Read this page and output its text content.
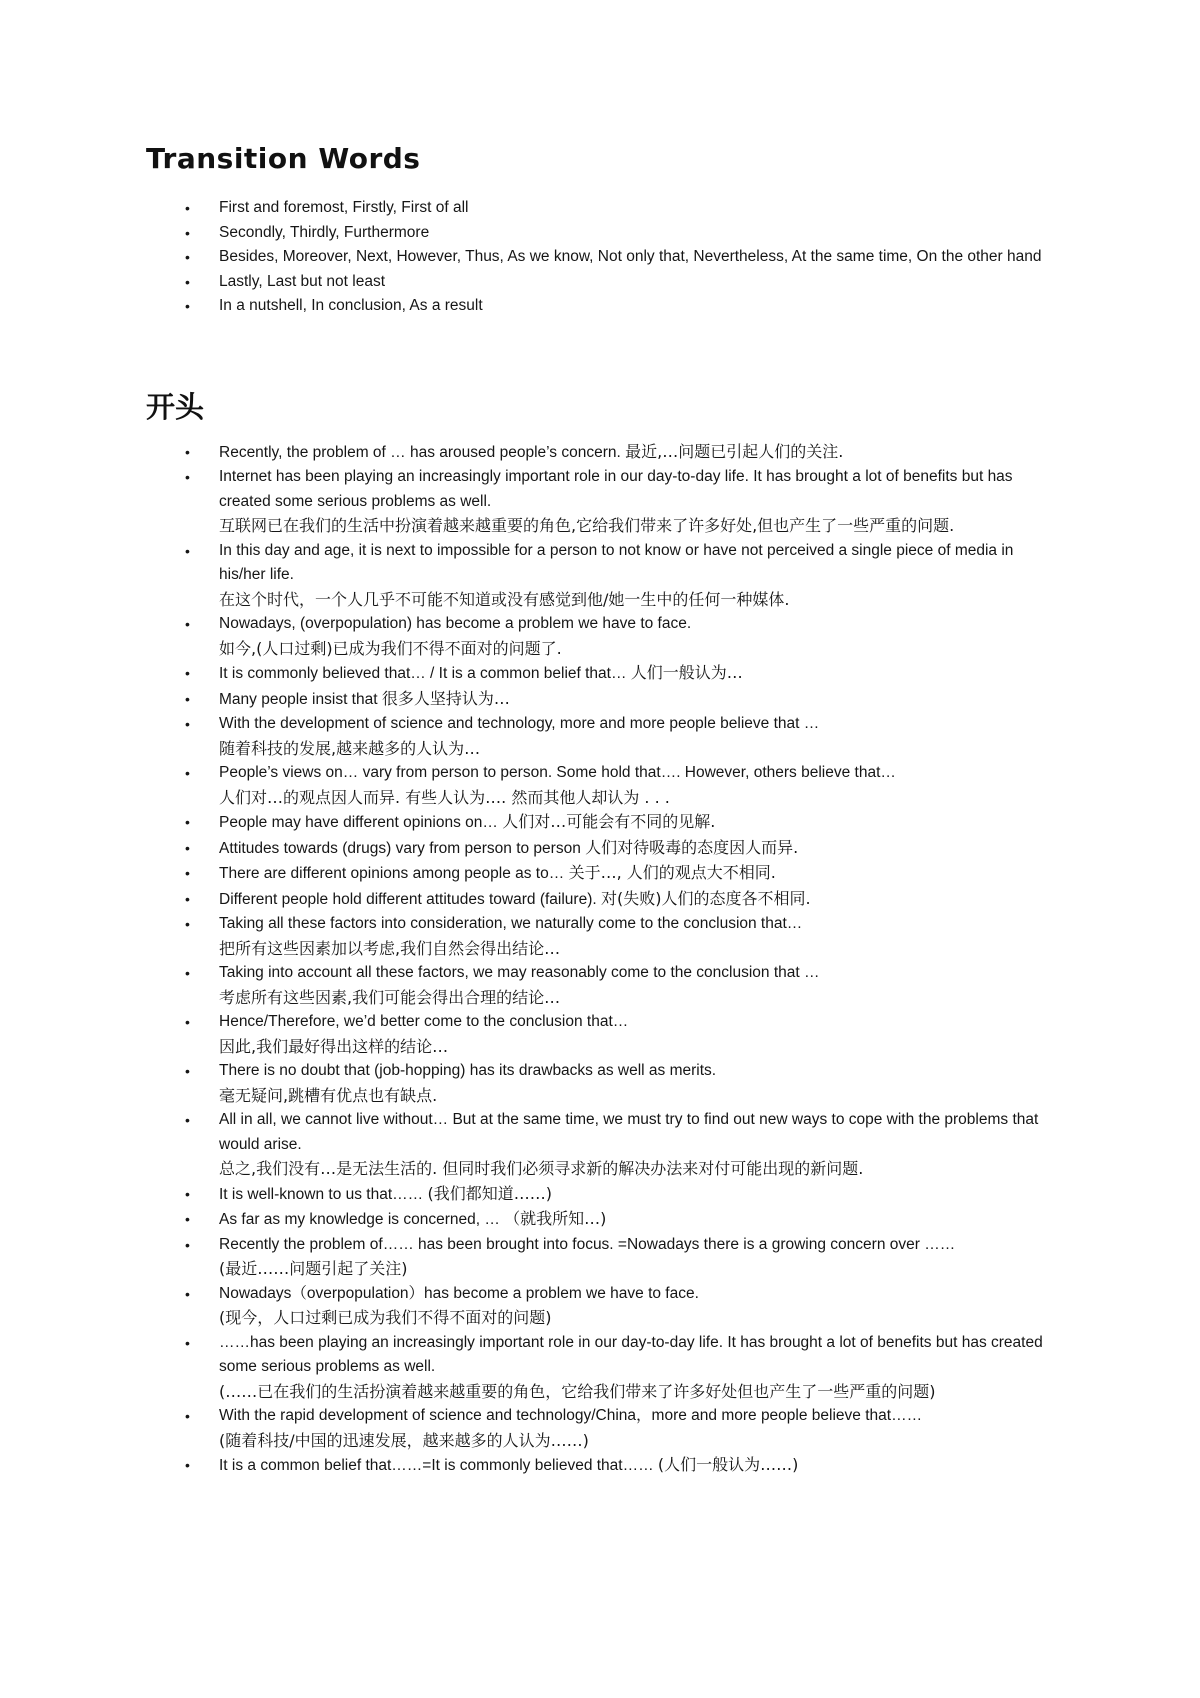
Transition Words
• First and foremost, Firstly, First of all
• Secondly, Thirdly, Furthermore
• Besides, Moreover, Next, However, Thus, As we know, Not only that, Nevertheless, At the same time, On the other hand
• Lastly, Last but not least
• In a nutshell, In conclusion, As a result
开头
• Recently, the problem of … has aroused people’s concern. 最近,…问题已引起人们的关注.
• Internet has been playing an increasingly important role in our day-to-day life. It has brought a lot of benefits but has created some serious problems as well.
互联网已在我们的生活中扮演着越来越重要的角色,它给我们带来了许多好处,但也产生了一些严重的问题.
• In this day and age, it is next to impossible for a person to not know or have not perceived a single piece of media in his/her life.
在这个时代，一个人几乎不可能不知道或没有感觉到他/她一生中的任何一种媒体.
• Nowadays, (overpopulation) has become a problem we have to face.
如今,(人口过剩)已成为我们不得不面对的问题了.
• It is commonly believed that… / It is a common belief that… 人们一般认为…
• Many people insist that 很多人坚持认为…
• With the development of science and technology, more and more people believe that …
随着科技的发展,越来越多的人认为…
• People’s views on… vary from person to person. Some hold that…. However, others believe that…
人们对…的观点因人而异. 有些人认为…. 然而其他人却认为 . . .
• People may have different opinions on… 人们对…可能会有不同的见解.
• Attitudes towards (drugs) vary from person to person 人们对待吸毒的态度因人而异.
• There are different opinions among people as to… 关于…, 人们的观点大不相同.
• Different people hold different attitudes toward (failure). 对(失败)人们的态度各不相同.
• Taking all these factors into consideration, we naturally come to the conclusion that…
把所有这些因素加以考虑,我们自然会得出结论…
• Taking into account all these factors, we may reasonably come to the conclusion that …
考虑所有这些因素,我们可能会得出合理的结论…
• Hence/Therefore, we’d better come to the conclusion that…
因此,我们最好得出这样的结论…
• There is no doubt that (job-hopping) has its drawbacks as well as merits.
毫无疑问,跳槽有优点也有缺点.
• All in all, we cannot live without… But at the same time, we must try to find out new ways to cope with the problems that would arise.
总之,我们没有…是无法生活的. 但同时我们必须寻求新的解决办法来对付可能出现的新问题.
• It is well-known to us that…… (我们都知道……)
• As far as my knowledge is concerned, … （就我所知…)
• Recently the problem of…… has been brought into focus. =Nowadays there is a growing concern over ……
(最近……问题引起了关注)
• Nowadays（overpopulation）has become a problem we have to face.
(现今，人口过剩已成为我们不得不面对的问题)
• ……has been playing an increasingly important role in our day-to-day life. It has brought a lot of benefits but has created some serious problems as well.
(……已在我们的生活扮演着越来越重要的角色，它给我们带来了许多好处但也产生了一些严重的问题)
• With the rapid development of science and technology/China，more and more people believe that……
(随着科技/中国的迅速发展，越来越多的人认为……)
• It is a common belief that……=It is commonly believed that…… (人们一般认为……)
